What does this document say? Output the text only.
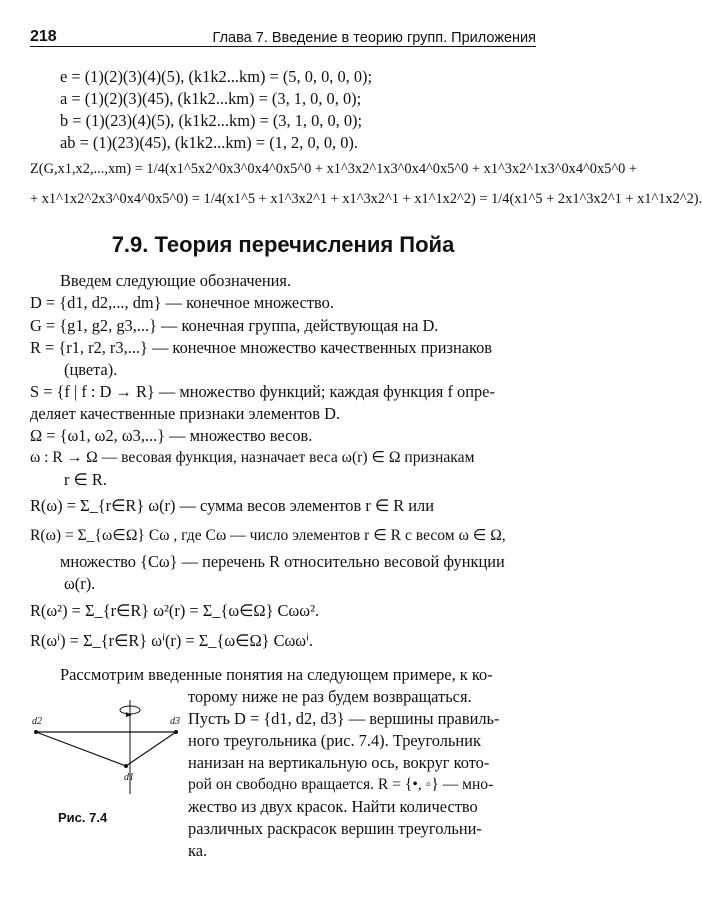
218	Глава 7. Введение в теорию групп. Приложения
e = (1)(2)(3)(4)(5), (k1k2...km) = (5, 0, 0, 0, 0);
a = (1)(2)(3)(45), (k1k2...km) = (3, 1, 0, 0, 0);
b = (1)(23)(4)(5), (k1k2...km) = (3, 1, 0, 0, 0);
ab = (1)(23)(45), (k1k2...km) = (1, 2, 0, 0, 0).
Z(G,x1,x2,...,xm) = 1/4(x1^5x2^0x3^0x4^0x5^0 + x1^3x2^1x3^0x4^0x5^0 + x1^3x2^1x3^0x4^0x5^0 +
+ x1^1x2^2x3^0x4^0x5^0) = 1/4(x1^5 + x1^3x2^1 + x1^3x2^1 + x1^1x2^2) = 1/4(x1^5 + 2x1^3x2^1 + x1^1x2^2).
7.9. Теория перечисления Пойа
Введем следующие обозначения.
D = {d1, d2,..., dm} — конечное множество.
G = {g1, g2, g3,...} — конечная группа, действующая на D.
R = {r1, r2, r3,...} — конечное множество качественных признаков
(цвета).
S = {f | f : D → R} — множество функций; каждая функция f опре-
деляет качественные признаки элементов D.
Ω = {ω1, ω2, ω3,...} — множество весов.
ω : R → Ω — весовая функция, назначает веса ω(r) ∈ Ω признакам
r ∈ R.
R(ω) = Σ_{r∈R} ω(r) — сумма весов элементов r ∈ R или
R(ω) = Σ_{ω∈Ω} Cω , где Cω — число элементов r ∈ R с весом ω ∈ Ω,
множество {Cω} — перечень R относительно весовой функции
ω(r).
R(ω²) = Σ_{r∈R} ω²(r) = Σ_{ω∈Ω} Cωω².
R(ωⁱ) = Σ_{r∈R} ωⁱ(r) = Σ_{ω∈Ω} Cωωⁱ.
Рассмотрим введенные понятия на следующем примере, к ко-
торому ниже не раз будем возвращаться.
Пусть D = {d1, d2, d3} — вершины правиль-
ного треугольника (рис. 7.4). Треугольник
нанизан на вертикальную ось, вокруг кото-
рой он свободно вращается. R = {•, ◦} — мно-
жество из двух красок. Найти количество
различных раскрасок вершин треугольни-
ка.
d2	d3
d1
Рис. 7.4
